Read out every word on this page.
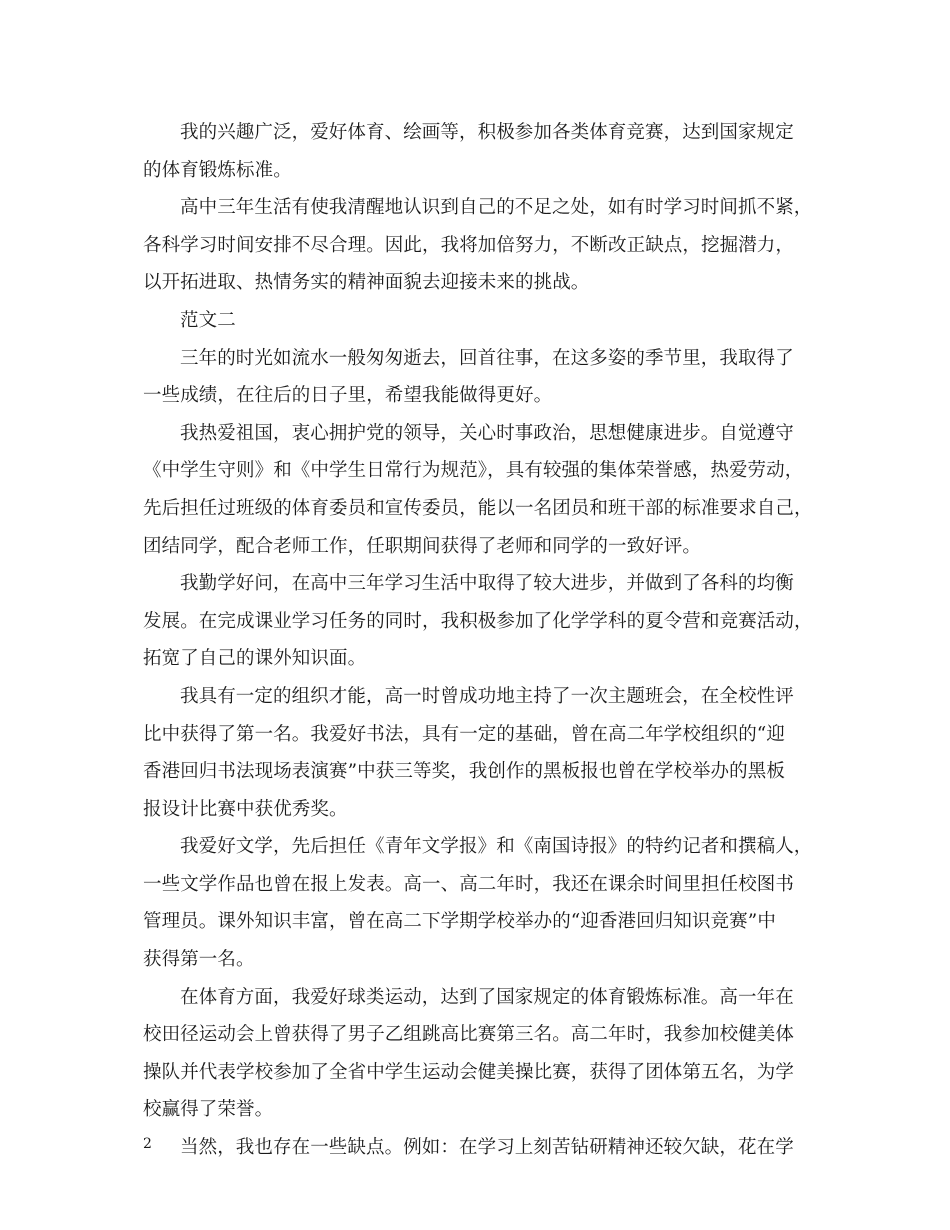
我的兴趣广泛，爱好体育、绘画等，积极参加各类体育竞赛，达到国家规定
的体育锻炼标准。
高中三年生活有使我清醒地认识到自己的不足之处，如有时学习时间抓不紧，
各科学习时间安排不尽合理。因此，我将加倍努力，不断改正缺点，挖掘潜力，
以开拓进取、热情务实的精神面貌去迎接未来的挑战。
范文二
三年的时光如流水一般匆匆逝去，回首往事，在这多姿的季节里，我取得了
一些成绩，在往后的日子里，希望我能做得更好。
我热爱祖国，衷心拥护党的领导，关心时事政治，思想健康进步。自觉遵守
《中学生守则》和《中学生日常行为规范》，具有较强的集体荣誉感，热爱劳动，
先后担任过班级的体育委员和宣传委员，能以一名团员和班干部的标准要求自己，
团结同学，配合老师工作，任职期间获得了老师和同学的一致好评。
我勤学好问，在高中三年学习生活中取得了较大进步，并做到了各科的均衡
发展。在完成课业学习任务的同时，我积极参加了化学学科的夏令营和竞赛活动，
拓宽了自己的课外知识面。
我具有一定的组织才能，高一时曾成功地主持了一次主题班会，在全校性评
比中获得了第一名。我爱好书法，具有一定的基础，曾在高二年学校组织的“迎
香港回归书法现场表演赛”中获三等奖，我创作的黑板报也曾在学校举办的黑板
报设计比赛中获优秀奖。
我爱好文学，先后担任《青年文学报》和《南国诗报》的特约记者和撰稿人，
一些文学作品也曾在报上发表。高一、高二年时，我还在课余时间里担任校图书
管理员。课外知识丰富，曾在高二下学期学校举办的“迎香港回归知识竞赛”中
获得第一名。
在体育方面，我爱好球类运动，达到了国家规定的体育锻炼标准。高一年在
校田径运动会上曾获得了男子乙组跳高比赛第三名。高二年时，我参加校健美体
操队并代表学校参加了全省中学生运动会健美操比赛，获得了团体第五名，为学
校赢得了荣誉。
当然，我也存在一些缺点。例如：在学习上刻苦钻研精神还较欠缺，花在学
2
